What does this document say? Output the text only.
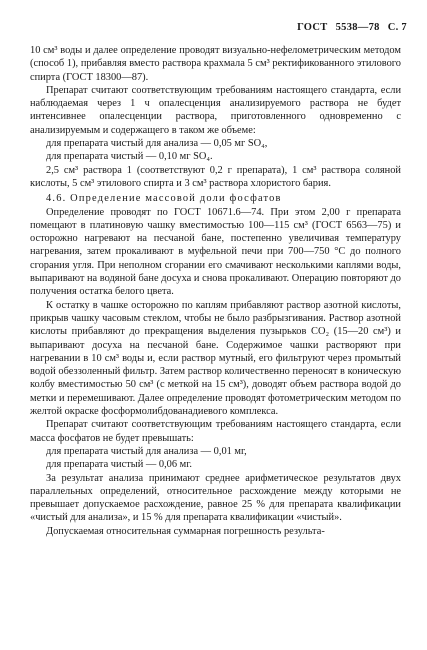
ГОСТ 5538—78 С. 7

10 см³ воды и далее определение проводят визуально-нефелометрическим методом (способ 1), прибавляя вместо раствора крахмала 5 см³ ректификованного этилового спирта (ГОСТ 18300—87).

Препарат считают соответствующим требованиям настоящего стандарта, если наблюдаемая через 1 ч опалесценция анализируемого раствора не будет интенсивнее опалесценции раствора, приготовленного одновременно с анализируемым и содержащего в таком же объеме:

для препарата чистый для анализа — 0,05 мг SO₄,

для препарата чистый — 0,10 мг SO₄.

2,5 см³ раствора 1 (соответствуют 0,2 г препарата), 1 см³ раствора соляной кислоты, 5 см³ этилового спирта и 3 см³ раствора хлористого бария.

4.6. Определение массовой доли фосфатов

Определение проводят по ГОСТ 10671.6—74. При этом 2,00 г препарата помещают в платиновую чашку вместимостью 100—115 см³ (ГОСТ 6563—75) и осторожно нагревают на песчаной бане, постепенно увеличивая температуру нагревания, затем прокаливают в муфельной печи при 700—750 °С до полного сгорания угля. При неполном сгорании его смачивают несколькими каплями воды, выпаривают на водяной бане досуха и снова прокаливают. Операцию повторяют до получения остатка белого цвета.

К остатку в чашке осторожно по каплям прибавляют раствор азотной кислоты, прикрыв чашку часовым стеклом, чтобы не было разбрызгивания. Раствор азотной кислоты прибавляют до прекращения выделения пузырьков CO₂ (15—20 см³) и выпаривают досуха на песчаной бане. Содержимое чашки растворяют при нагревании в 10 см³ воды и, если раствор мутный, его фильтруют через промытый водой обеззоленный фильтр. Затем раствор количественно переносят в коническую колбу вместимостью 50 см³ (с меткой на 15 см³), доводят объем раствора водой до метки и перемешивают. Далее определение проводят фотометрическим методом по желтой окраске фосформолибдованадиевого комплекса.

Препарат считают соответствующим требованиям настоящего стандарта, если масса фосфатов не будет превышать:

для препарата чистый для анализа — 0,01 мг,

для препарата чистый — 0,06 мг.

За результат анализа принимают среднее арифметическое результатов двух параллельных определений, относительное расхождение между которыми не превышает допускаемое расхождение, равное 25 % для препарата квалификации «чистый для анализа», и 15 % для препарата квалификации «чистый».

Допускаемая относительная суммарная погрешность результа-
